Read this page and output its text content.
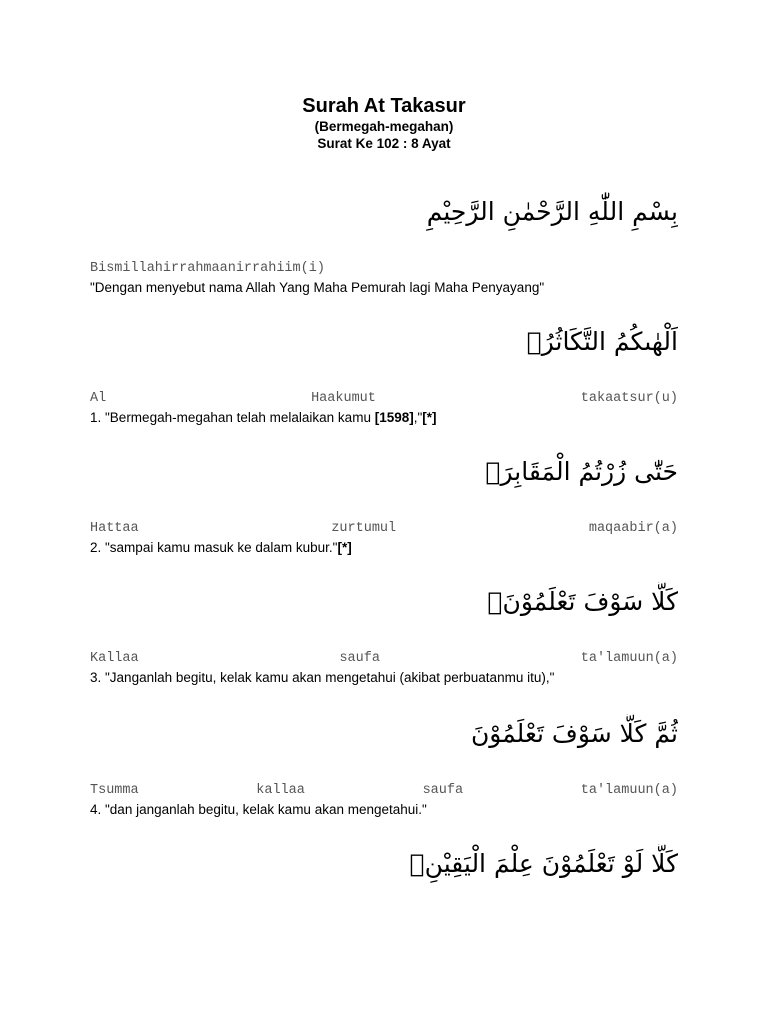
Surah At Takasur

(Bermegah-megahan)

Surat Ke 102 : 8 Ayat

بِسْمِ اللّٰهِ الرَّحْمٰنِ الرَّحِيْمِ
Bismillahirrahmaanirrahiim(i)
"Dengan menyebut nama Allah Yang Maha Pemurah lagi Maha Penyayang"
اَلْهٰىكُمُ التَّكَاثُرُۙ
Al	Haakumut	takaatsur(u)
1. "Bermegah-megahan telah melalaikan kamu [1598],"[*]
حَتّٰى زُرْتُمُ الْمَقَابِرَۗ
Hattaa	zurtumul	maqaabir(a)
2. "sampai kamu masuk ke dalam kubur."[*]
كَلَّا سَوْفَ تَعْلَمُوْنَۙ
Kallaa	saufa	ta'lamuun(a)
3. "Janganlah begitu, kelak kamu akan mengetahui (akibat perbuatanmu itu),"
ثُمَّ كَلَّا سَوْفَ تَعْلَمُوْنَ
Tsumma	kallaa	saufa	ta'lamuun(a)
4. "dan janganlah begitu, kelak kamu akan mengetahui."
كَلَّا لَوْ تَعْلَمُوْنَ عِلْمَ الْيَقِيْنِۗ
